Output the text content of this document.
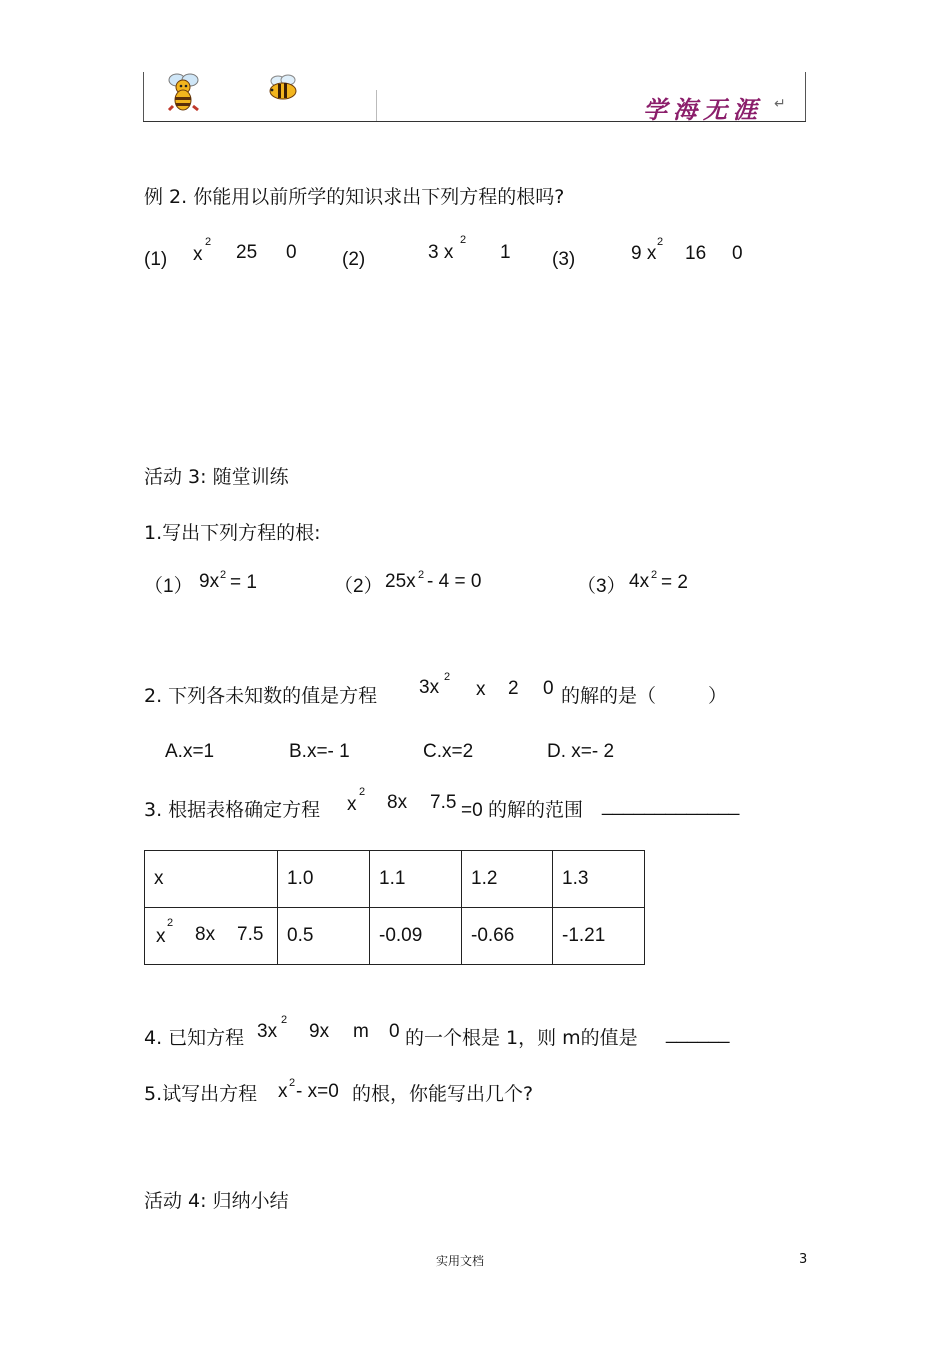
学海无涯 ↵
例 2. 你能用以前所学的知识求出下列方程的根吗?
(1) x
2 25 0 (2)	3 x
2
1 (3)	9 x
2
16 0
活动 3: 随堂训练
1.写出下列方程的根:
（1） 9x 2 = 1	（2） 25x 2 - 4 = 0	（3） 4x 2 = 2
2. 下列各未知数的值是方程 3x 2
x 2 0 的解的是（	）
A.x=1	B.x=- 1	C.x=2	D. x=- 2
3. 根据表格确定方程 x
2 8x 7.5 =0 的解的范围 _____________
x	1.0	1.1	1.2	1.3

x
2
8x 7.5	0.5	-0.09	-0.66	-1.21
4. 已知方程 3x
2
9x m 0 的一个根是 1，则 m的值是 ______
5.试写出方程 x 2 - x=0 的根，你能写出几个?
活动 4: 归纳小结
实用文档	3
